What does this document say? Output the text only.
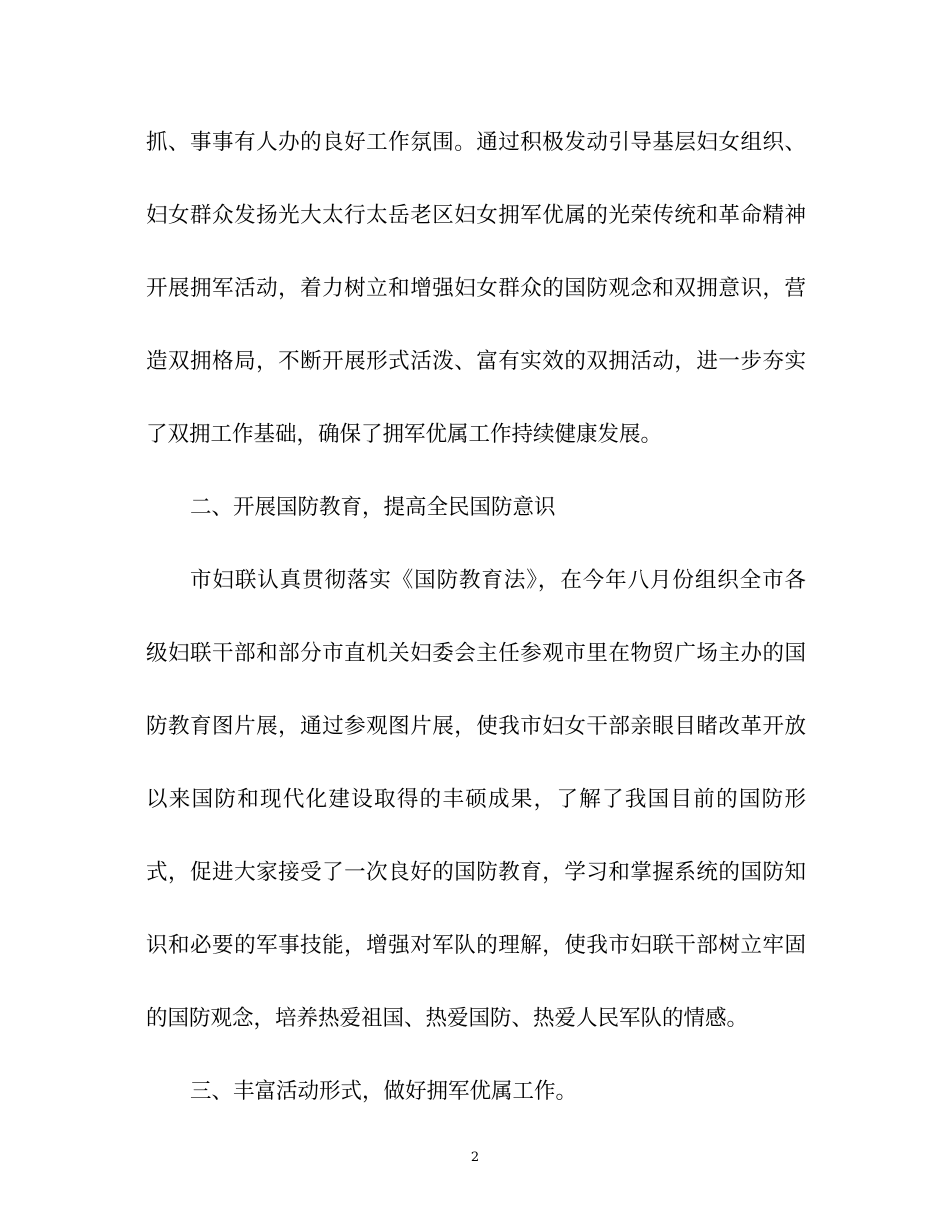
抓、事事有人办的良好工作氛围。通过积极发动引导基层妇女组织、
妇女群众发扬光大太行太岳老区妇女拥军优属的光荣传统和革命精神
开展拥军活动，着力树立和增强妇女群众的国防观念和双拥意识，营
造双拥格局，不断开展形式活泼、富有实效的双拥活动，进一步夯实
了双拥工作基础，确保了拥军优属工作持续健康发展。
二、开展国防教育，提高全民国防意识
市妇联认真贯彻落实《国防教育法》，在今年八月份组织全市各
级妇联干部和部分市直机关妇委会主任参观市里在物贸广场主办的国
防教育图片展，通过参观图片展，使我市妇女干部亲眼目睹改革开放
以来国防和现代化建设取得的丰硕成果，了解了我国目前的国防形
式，促进大家接受了一次良好的国防教育，学习和掌握系统的国防知
识和必要的军事技能，增强对军队的理解，使我市妇联干部树立牢固
的国防观念，培养热爱祖国、热爱国防、热爱人民军队的情感。
三、丰富活动形式，做好拥军优属工作。
2
